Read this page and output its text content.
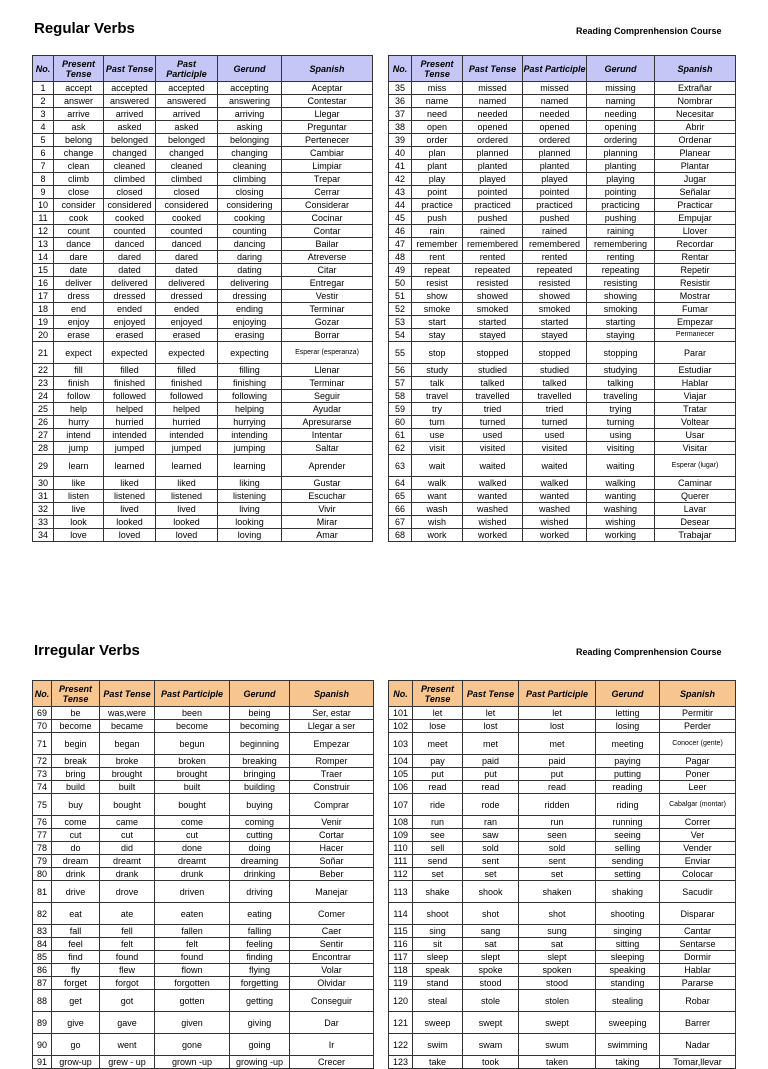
Regular Verbs	Reading Comprenhension Course
No.	Present Tense	Past Tense	Past Participle	Gerund	Spanish
1	accept	accepted	accepted	accepting	Aceptar
2	answer	answered	answered	answering	Contestar
3	arrive	arrived	arrived	arriving	Llegar
4	ask	asked	asked	asking	Preguntar
5	belong	belonged	belonged	belonging	Pertenecer
6	change	changed	changed	changing	Cambiar
7	clean	cleaned	cleaned	cleaning	Limpiar
8	climb	climbed	climbed	climbing	Trepar
9	close	closed	closed	closing	Cerrar
10	consider	considered	considered	considering	Considerar
11	cook	cooked	cooked	cooking	Cocinar
12	count	counted	counted	counting	Contar
13	dance	danced	danced	dancing	Bailar
14	dare	dared	dared	daring	Atreverse
15	date	dated	dated	dating	Citar
16	deliver	delivered	delivered	delivering	Entregar
17	dress	dressed	dressed	dressing	Vestir
18	end	ended	ended	ending	Terminar
19	enjoy	enjoyed	enjoyed	enjoying	Gozar
20	erase	erased	erased	erasing	Borrar
21	expect	expected	expected	expecting	Esperar (esperanza)
22	fill	filled	filled	filling	Llenar
23	finish	finished	finished	finishing	Terminar
24	follow	followed	followed	following	Seguir
25	help	helped	helped	helping	Ayudar
26	hurry	hurried	hurried	hurrying	Apresurarse
27	intend	intended	intended	intending	Intentar
28	jump	jumped	jumped	jumping	Saltar
29	learn	learned	learned	learning	Aprender
30	like	liked	liked	liking	Gustar
31	listen	listened	listened	listening	Escuchar
32	live	lived	lived	living	Vivir
33	look	looked	looked	looking	Mirar
34	love	loved	loved	loving	Amar
No.	Present Tense	Past Tense	Past Participle	Gerund	Spanish
35	miss	missed	missed	missing	Extrañar
36	name	named	named	naming	Nombrar
37	need	needed	needed	needing	Necesitar
38	open	opened	opened	opening	Abrir
39	order	ordered	ordered	ordering	Ordenar
40	plan	planned	planned	planning	Planear
41	plant	planted	planted	planting	Plantar
42	play	played	played	playing	Jugar
43	point	pointed	pointed	pointing	Señalar
44	practice	practiced	practiced	practicing	Practicar
45	push	pushed	pushed	pushing	Empujar
46	rain	rained	rained	raining	Llover
47	remember	remembered	remembered	remembering	Recordar
48	rent	rented	rented	renting	Rentar
49	repeat	repeated	repeated	repeating	Repetir
50	resist	resisted	resisted	resisting	Resistir
51	show	showed	showed	showing	Mostrar
52	smoke	smoked	smoked	smoking	Fumar
53	start	started	started	starting	Empezar
54	stay	stayed	stayed	staying	Permanecer
55	stop	stopped	stopped	stopping	Parar
56	study	studied	studied	studying	Estudiar
57	talk	talked	talked	talking	Hablar
58	travel	travelled	travelled	traveling	Viajar
59	try	tried	tried	trying	Tratar
60	turn	turned	turned	turning	Voltear
61	use	used	used	using	Usar
62	visit	visited	visited	visiting	Visitar
63	wait	waited	waited	waiting	Esperar (lugar)
64	walk	walked	walked	walking	Caminar
65	want	wanted	wanted	wanting	Querer
66	wash	washed	washed	washing	Lavar
67	wish	wished	wished	wishing	Desear
68	work	worked	worked	working	Trabajar
Irregular Verbs	Reading Comprenhension Course
No.	Present Tense	Past Tense	Past Participle	Gerund	Spanish
69	be	was,were	been	being	Ser, estar
70	become	became	become	becoming	Llegar a ser
71	begin	began	begun	beginning	Empezar
72	break	broke	broken	breaking	Romper
73	bring	brought	brought	bringing	Traer
74	build	built	built	building	Construir
75	buy	bought	bought	buying	Comprar
76	come	came	come	coming	Venir
77	cut	cut	cut	cutting	Cortar
78	do	did	done	doing	Hacer
79	dream	dreamt	dreamt	dreaming	Soñar
80	drink	drank	drunk	drinking	Beber
81	drive	drove	driven	driving	Manejar
82	eat	ate	eaten	eating	Comer
83	fall	fell	fallen	falling	Caer
84	feel	felt	felt	feeling	Sentir
85	find	found	found	finding	Encontrar
86	fly	flew	flown	flying	Volar
87	forget	forgot	forgotten	forgetting	Olvidar
88	get	got	gotten	getting	Conseguir
89	give	gave	given	giving	Dar
90	go	went	gone	going	Ir
91	grow-up	grew - up	grown -up	growing -up	Crecer
No.	Present Tense	Past Tense	Past Participle	Gerund	Spanish
101	let	let	let	letting	Permitir
102	lose	lost	lost	losing	Perder
103	meet	met	met	meeting	Conocer (gente)
104	pay	paid	paid	paying	Pagar
105	put	put	put	putting	Poner
106	read	read	read	reading	Leer
107	ride	rode	ridden	riding	Cabalgar (montar)
108	run	ran	run	running	Correr
109	see	saw	seen	seeing	Ver
110	sell	sold	sold	selling	Vender
111	send	sent	sent	sending	Enviar
112	set	set	set	setting	Colocar
113	shake	shook	shaken	shaking	Sacudir
114	shoot	shot	shot	shooting	Disparar
115	sing	sang	sung	singing	Cantar
116	sit	sat	sat	sitting	Sentarse
117	sleep	slept	slept	sleeping	Dormir
118	speak	spoke	spoken	speaking	Hablar
119	stand	stood	stood	standing	Pararse
120	steal	stole	stolen	stealing	Robar
121	sweep	swept	swept	sweeping	Barrer
122	swim	swam	swum	swimming	Nadar
123	take	took	taken	taking	Tomar,llevar
